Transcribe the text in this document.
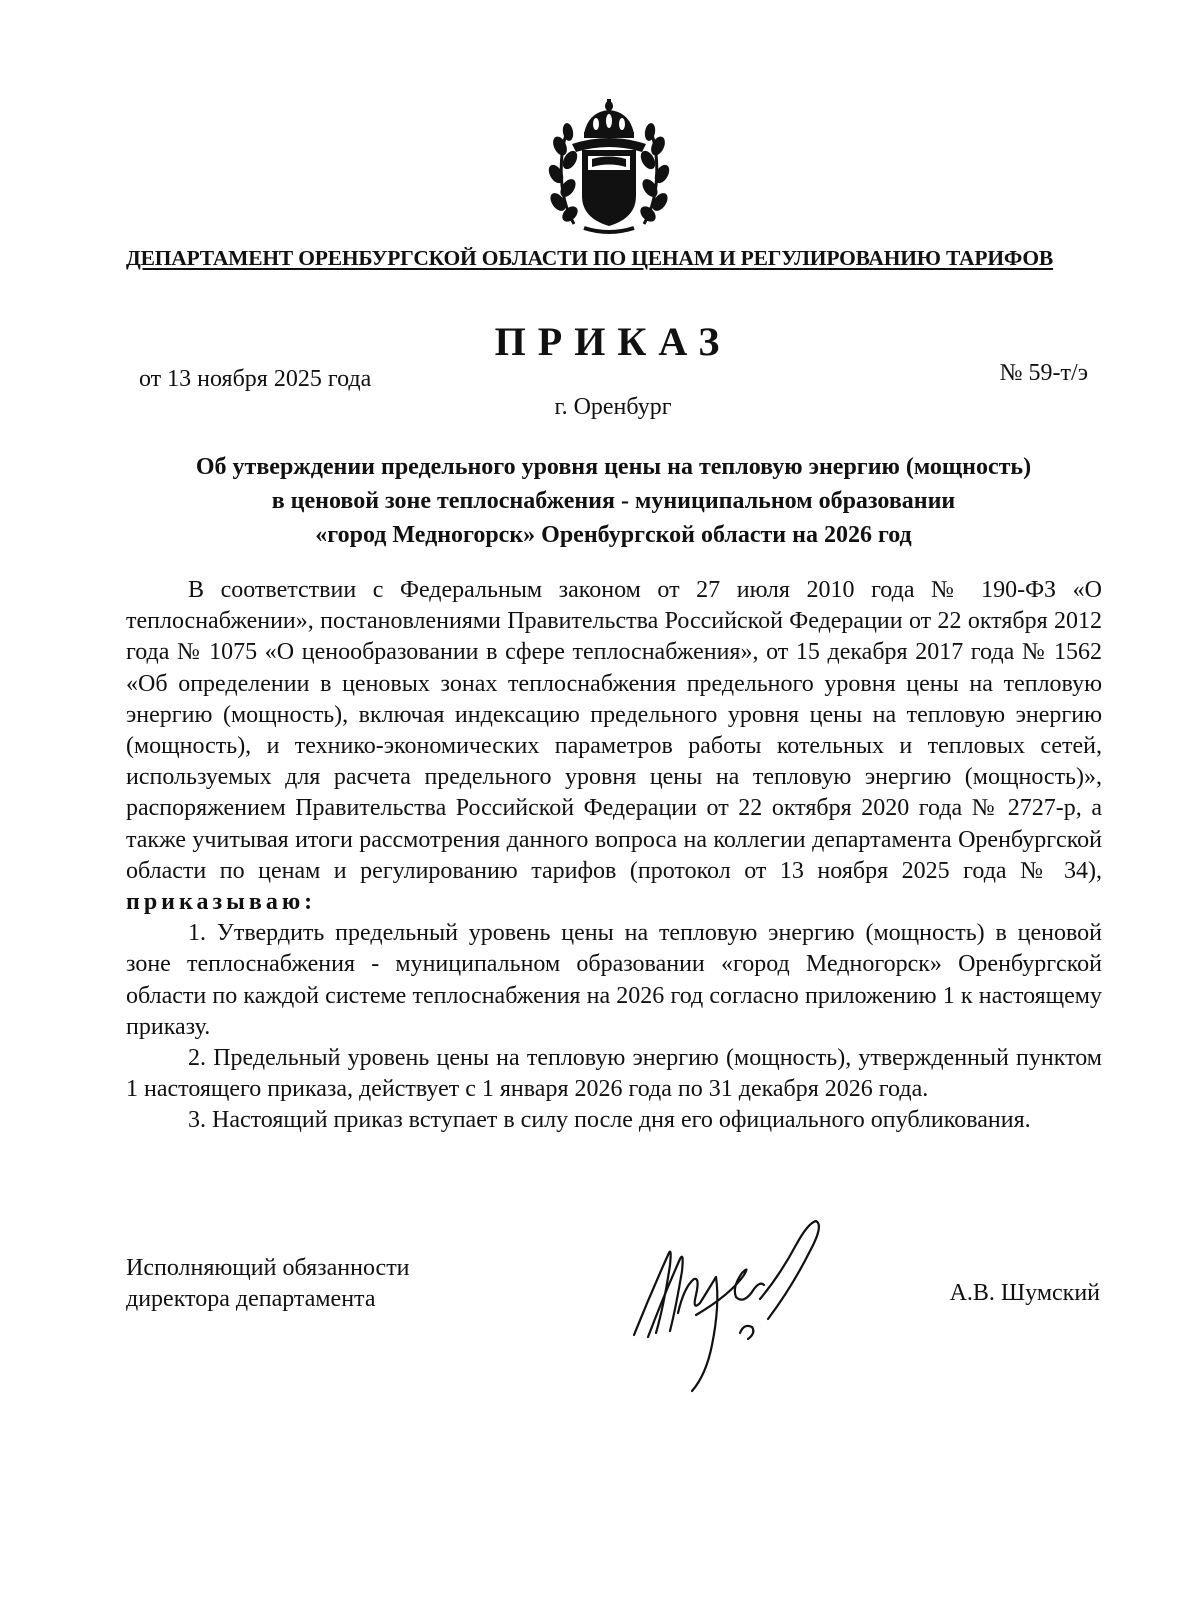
ДЕПАРТАМЕНТ ОРЕНБУРГСКОЙ ОБЛАСТИ ПО ЦЕНАМ И РЕГУЛИРОВАНИЮ ТАРИФОВ
ПРИКАЗ
от 13 ноября 2025 года	№ 59-т/э
г. Оренбург
Об утверждении предельного уровня цены на тепловую энергию (мощность)
в ценовой зоне теплоснабжения - муниципальном образовании
«город Медногорск» Оренбургской области на 2026 год

В соответствии с Федеральным законом от 27 июля 2010 года № 190-ФЗ «О теплоснабжении», постановлениями Правительства Российской Федерации от 22 октября 2012 года № 1075 «О ценообразовании в сфере теплоснабжения», от 15 декабря 2017 года № 1562 «Об определении в ценовых зонах теплоснабжения предельного уровня цены на тепловую энергию (мощность), включая индексацию предельного уровня цены на тепловую энергию (мощность), и технико-экономических параметров работы котельных и тепловых сетей, используемых для расчета предельного уровня цены на тепловую энергию (мощность)», распоряжением Правительства Российской Федерации от 22 октября 2020 года № 2727-р, а также учитывая итоги рассмотрения данного вопроса на коллегии департамента Оренбургской области по ценам и регулированию тарифов (протокол от 13 ноября 2025 года № 34), приказываю:

1. Утвердить предельный уровень цены на тепловую энергию (мощность) в ценовой зоне теплоснабжения - муниципальном образовании «город Медногорск» Оренбургской области по каждой системе теплоснабжения на 2026 год согласно приложению 1 к настоящему приказу.

2. Предельный уровень цены на тепловую энергию (мощность), утвержденный пунктом 1 настоящего приказа, действует с 1 января 2026 года по 31 декабря 2026 года.

3. Настоящий приказ вступает в силу после дня его официального опубликования.

Исполняющий обязанности
директора департамента	А.В. Шумский
